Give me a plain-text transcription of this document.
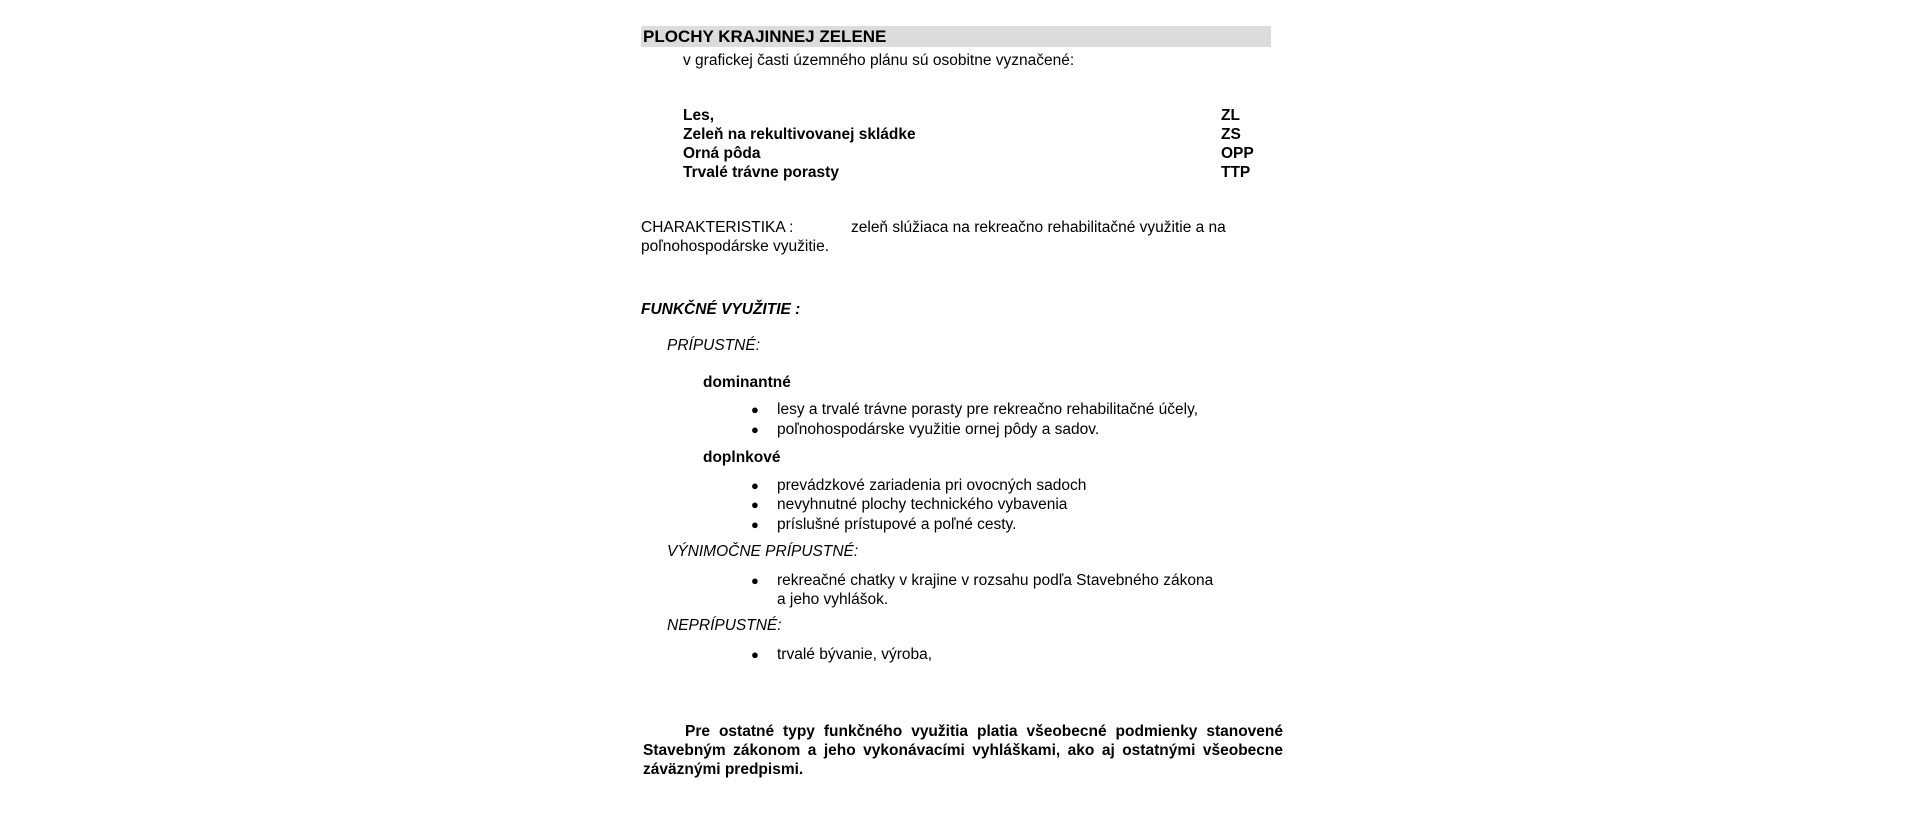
PLOCHY KRAJINNEJ ZELENE
v grafickej časti územného plánu sú osobitne vyznačené:
Les,	ZL
Zeleň na rekultivovanej skládke	ZS
Orná pôda	OPP
Trvalé trávne porasty	TTP
CHARAKTERISTIKA :	zeleň slúžiaca na rekreačno rehabilitačné využitie a na
poľnohospodárske využitie.
FUNKČNÉ VYUŽITIE :
PRÍPUSTNÉ:
dominantné
● lesy a trvalé trávne porasty pre rekreačno rehabilitačné účely,
● poľnohospodárske využitie ornej pôdy a sadov.
doplnkové
● prevádzkové zariadenia pri ovocných sadoch
● nevyhnutné plochy technického vybavenia
● príslušné prístupové a poľné cesty.
VÝNIMOČNE PRÍPUSTNÉ:
● rekreačné chatky v krajine v rozsahu podľa Stavebného zákona
a jeho vyhlášok.
NEPRÍPUSTNÉ:
● trvalé bývanie, výroba,
Pre ostatné typy funkčného využitia platia všeobecné podmienky stanovené Stavebným zákonom a jeho vykonávacími vyhláškami, ako aj ostatnými všeobecne záväznými predpismi.
